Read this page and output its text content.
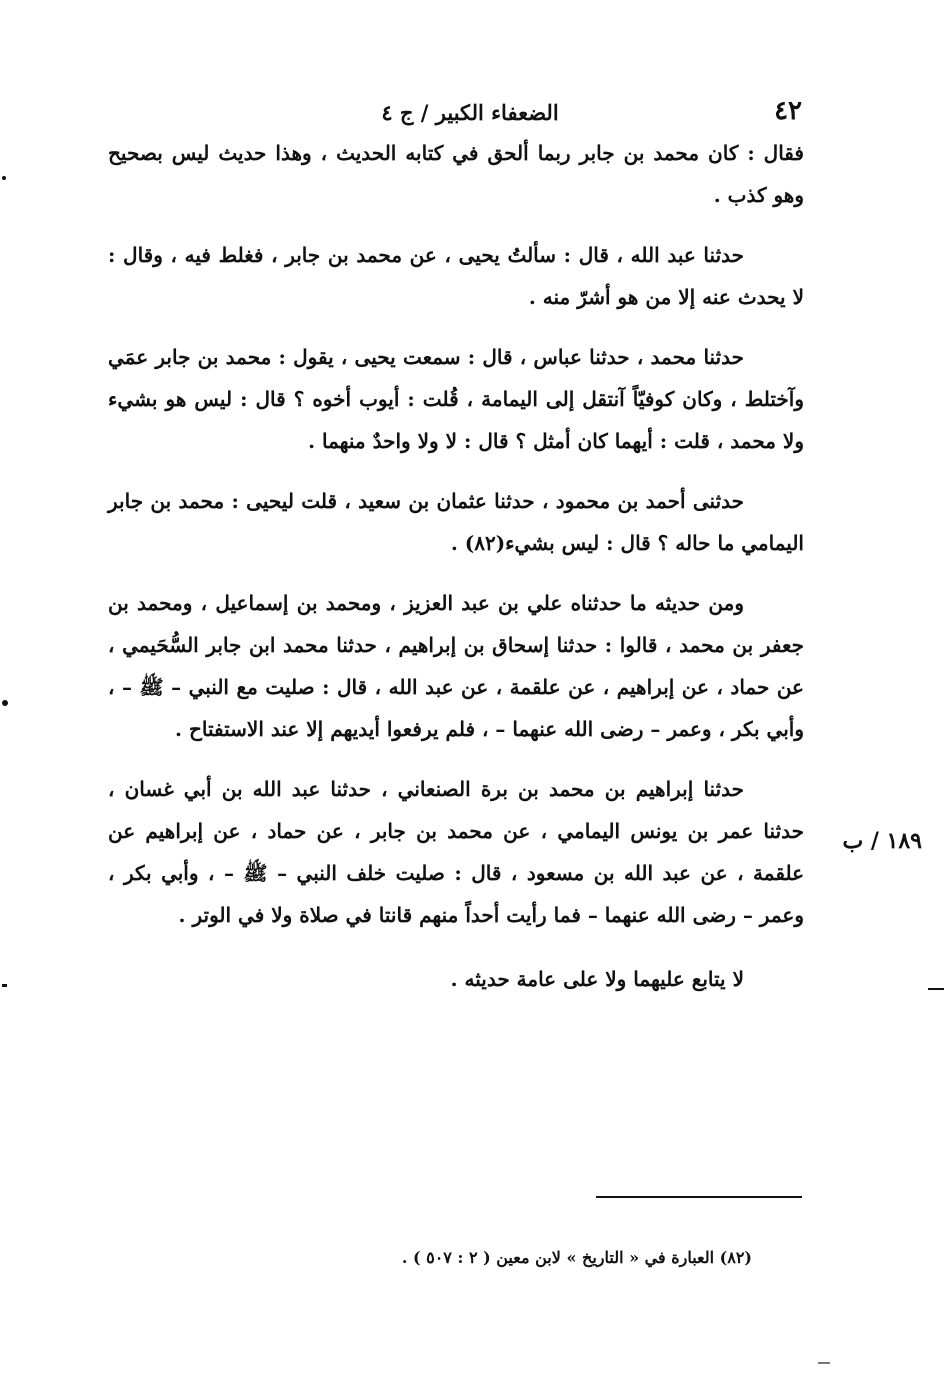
الضعفاء الكبير / ج ٤	٤٢
١٨٩ / ب

فقال : كان محمد بن جابر ربما ألحق في كتابه الحديث ، وهذا حديث ليس بصحيح وهو كذب .

حدثنا عبد الله ، قال : سألتُ يحيى ، عن محمد بن جابر ، فغلط فيه ، وقال : لا يحدث عنه إلا من هو أشرّ منه .

حدثنا محمد ، حدثنا عباس ، قال : سمعت يحيى ، يقول : محمد بن جابر عمَي وآختلط ، وكان كوفيّاً آنتقل إلى اليمامة ، قُلت : أيوب أخوه ؟ قال : ليس هو بشيء ولا محمد ، قلت : أيهما كان أمثل ؟ قال : لا ولا واحدٌ منهما .

حدثنى أحمد بن محمود ، حدثنا عثمان بن سعيد ، قلت ليحيى : محمد بن جابر اليمامي ما حاله ؟ قال : ليس بشيء(٨٢) .

ومن حديثه ما حدثناه علي بن عبد العزيز ، ومحمد بن إسماعيل ، ومحمد بن جعفر بن محمد ، قالوا : حدثنا إسحاق بن إبراهيم ، حدثنا محمد ابن جابر السُّحَيمي ، عن حماد ، عن إبراهيم ، عن علقمة ، عن عبد الله ، قال : صليت مع النبي – ﷺ – ، وأبي بكر ، وعمر – رضى الله عنهما – ، فلم يرفعوا أيديهم إلا عند الاستفتاح .

حدثنا إبراهيم بن محمد بن برة الصنعاني ، حدثنا عبد الله بن أبي غسان ، حدثنا عمر بن يونس اليمامي ، عن محمد بن جابر ، عن حماد ، عن إبراهيم عن علقمة ، عن عبد الله بن مسعود ، قال : صليت خلف النبي – ﷺ – ، وأبي بكر ، وعمر – رضى الله عنهما – فما رأيت أحداً منهم قانتا في صلاة ولا في الوتر .

لا يتابع عليهما ولا على عامة حديثه .

(٨٢) العبارة في « التاريخ » لابن معين ( ٢ : ٥٠٧ ) .
